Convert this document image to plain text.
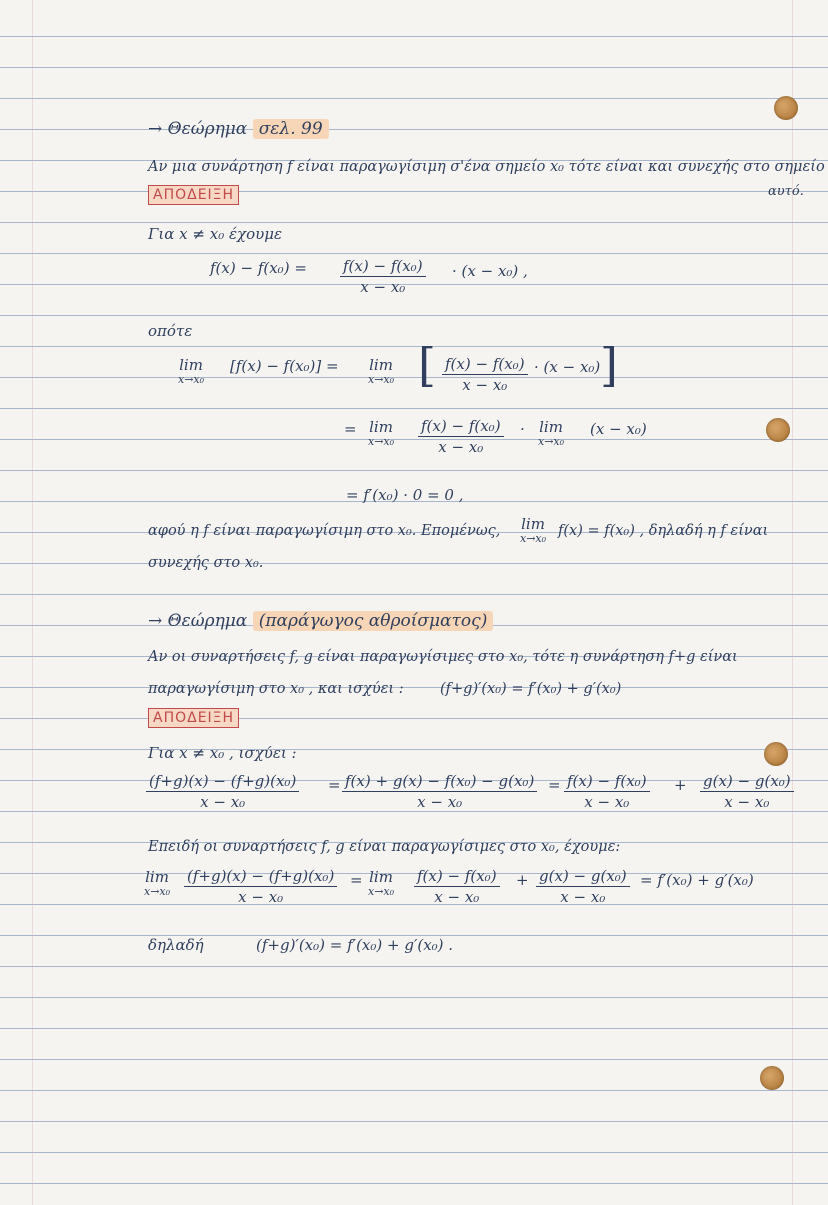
→ Θεώρημα σελ. 99
Αν μια συνάρτηση f είναι παραγωγίσιμη σ'ένα σημείο x₀ τότε είναι και συνεχής στο σημείο
αυτό.
ΑΠΟΔΕΙΞΗ
Για x ≠ x₀ έχουμε
$f(x) - f(x_0) = \frac{\text{f(x) − f(x₀)}}{\text{x − x₀}} \cdot (x - x_0)$ ,
οπότε
lim
x→x₀
[f(x) − f(x₀)] = lim
x→x₀ [ $\frac{\text{f(x) − f(x₀)}}{\text{x − x₀}} \cdot (x - x_0)$ ]
= lim
$x\to x_0 \frac{\text{f(x) − f(x₀)}}{\text{x − x₀}} \cdot \lim$
x→x₀
(x − x₀)
= f′(x₀) · 0 = 0 ,
αφού η f είναι παραγωγίσιμη στο x₀. Επομένως, lim
x→x₀ f(x) = f(x₀) , δηλαδή η f είναι
συνεχής στο x₀.
→ Θεώρημα (παράγωγος αθροίσματος)
Αν οι συναρτήσεις f, g είναι παραγωγίσιμες στο x₀, τότε η συνάρτηση f+g είναι
παραγωγίσιμη στο x₀ , και ισχύει :	(f+g)′(x₀) = f′(x₀) + g′(x₀)
ΑΠΟΔΕΙΞΗ
Για x ≠ x₀ , ισχύει :
$\frac{\text{(f+g)(x) − (f+g)(x₀)}}{\text{x − x₀}} = \frac{\text{f(x) + g(x) − f(x₀) − g(x₀)}}{\text{x − x₀}} = \frac{\text{f(x) − f(x₀)}}{\text{x − x₀}} + \frac{\text{g(x) − g(x₀)}}{\text{x − x₀}}$
Επειδή οι συναρτήσεις f, g είναι παραγωγίσιμες στο x₀, έχουμε:
lim
$x\to x_0 \frac{\text{(f+g)(x) − (f+g)(x₀)}}{\text{x − x₀}} = \lim$
$x\to x_0 \frac{\text{f(x) − f(x₀)}}{\text{x − x₀}} + \frac{\text{g(x) − g(x₀)}}{\text{x − x₀}} = f'(x_0) + g'(x_0)$
δηλαδή	(f+g)′(x₀) = f′(x₀) + g′(x₀) .
